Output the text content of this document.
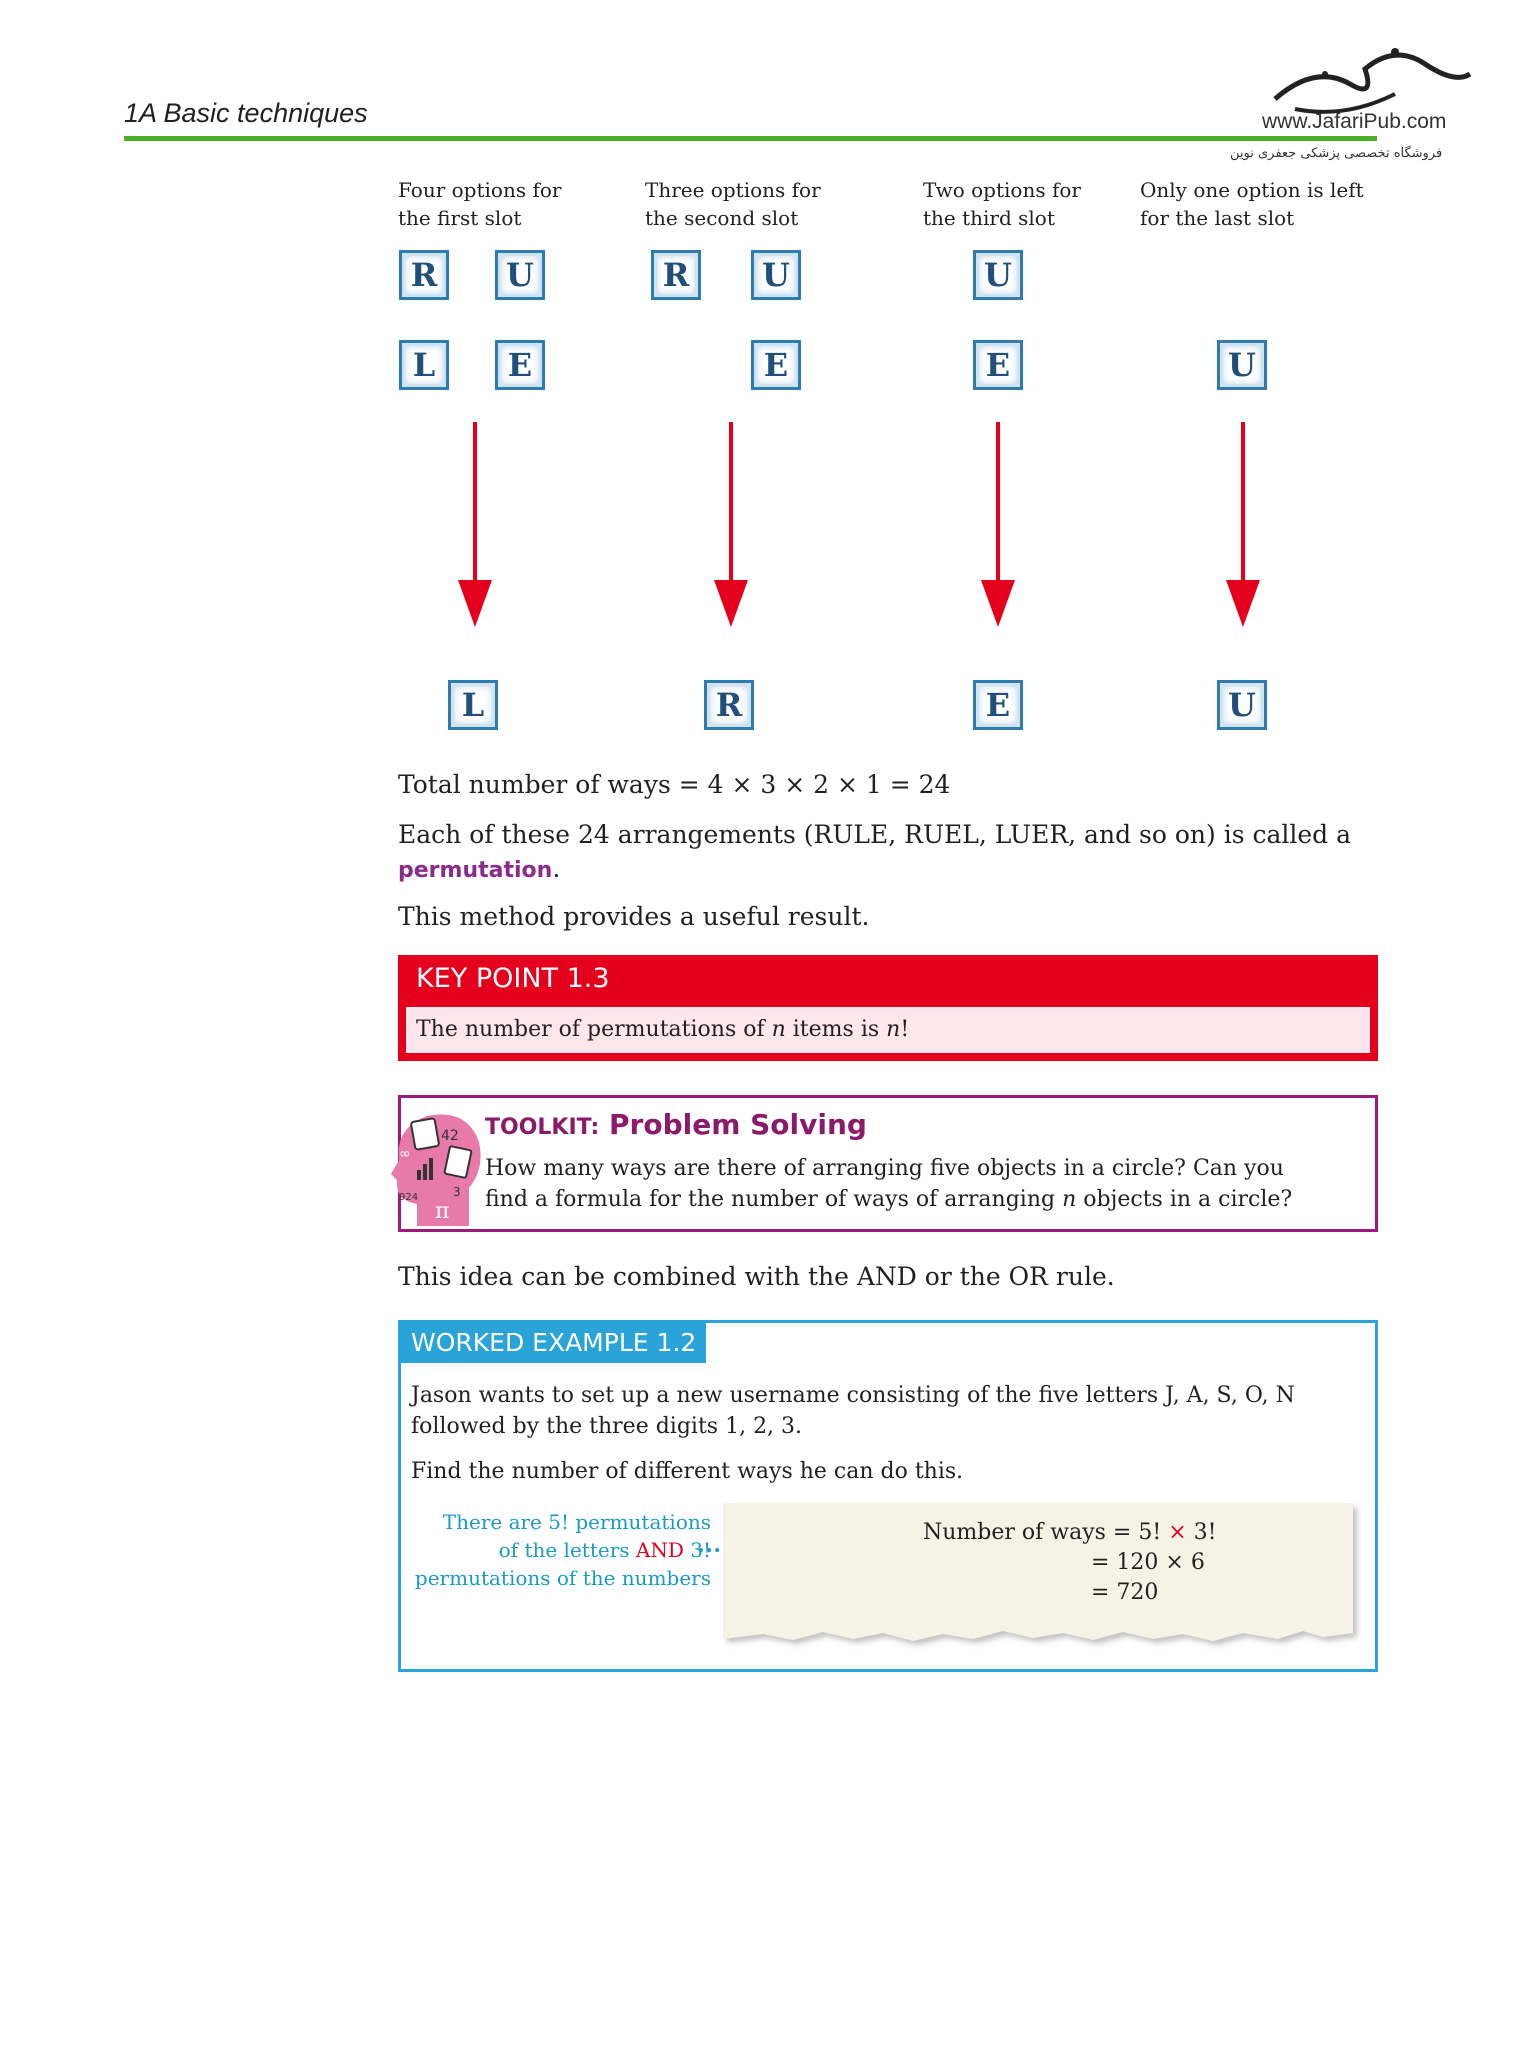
1A Basic techniques	www.JafariPub.com
فروشگاه تخصصی پزشکی جعفری نوین
Four options for
the first slot
Three options for
the second slot
Two options for
the third slot
Only one option is left
for the last slot
R	U
L	E
R	U
E
U
E	U
L	R	E	U
Total number of ways = 4 × 3 × 2 × 1 = 24
Each of these 24 arrangements (RULE, RUEL, LUER, and so on) is called a
permutation.
This method provides a useful result.
KEY POINT 1.3
The number of permutations of n items is n!
42
∞
3
924
π
TOOLKIT: Problem Solving
How many ways are there of arranging five objects in a circle? Can you find a formula for the number of ways of arranging n objects in a circle?
This idea can be combined with the AND or the OR rule.
WORKED EXAMPLE 1.2
Jason wants to set up a new username consisting of the five letters J, A, S, O, N followed by the three digits 1, 2, 3.
Find the number of different ways he can do this.
There are 5! permutations
of the letters AND 3!
permutations of the numbers
Number of ways = 5! × 3!
= 120 × 6
= 720
